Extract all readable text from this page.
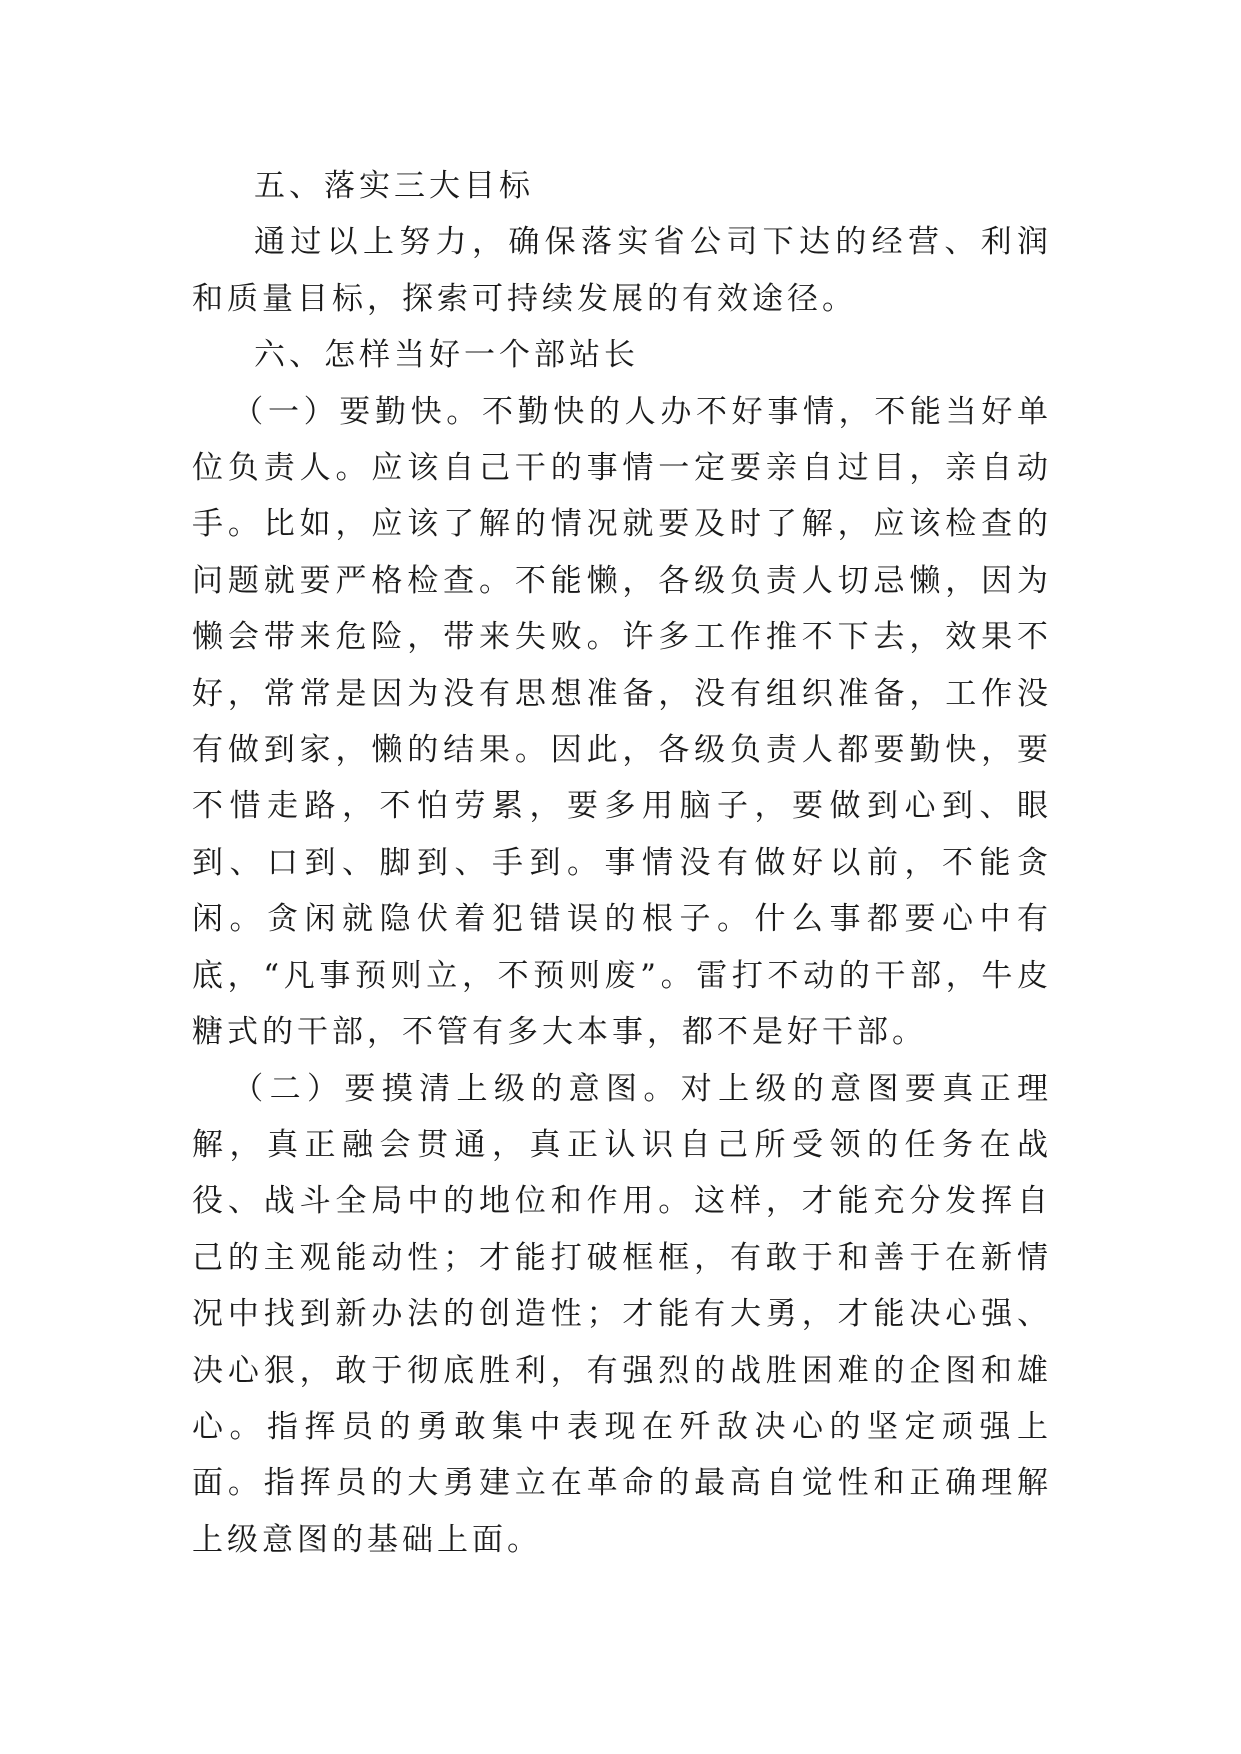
五、落实三大目标

通过以上努力，确保落实省公司下达的经营、利润和质量目标，探索可持续发展的有效途径。

六、怎样当好一个部站长

（一）要勤快。不勤快的人办不好事情，不能当好单位负责人。应该自己干的事情一定要亲自过目，亲自动手。比如，应该了解的情况就要及时了解，应该检查的问题就要严格检查。不能懒，各级负责人切忌懒，因为懒会带来危险，带来失败。许多工作推不下去，效果不好，常常是因为没有思想准备，没有组织准备，工作没有做到家，懒的结果。因此，各级负责人都要勤快，要不惜走路，不怕劳累，要多用脑子，要做到心到、眼到、口到、脚到、手到。事情没有做好以前，不能贪闲。贪闲就隐伏着犯错误的根子。什么事都要心中有底，“凡事预则立，不预则废”。雷打不动的干部，牛皮糖式的干部，不管有多大本事，都不是好干部。

（二）要摸清上级的意图。对上级的意图要真正理解，真正融会贯通，真正认识自己所受领的任务在战役、战斗全局中的地位和作用。这样，才能充分发挥自己的主观能动性；才能打破框框，有敢于和善于在新情况中找到新办法的创造性；才能有大勇，才能决心强、决心狠，敢于彻底胜利，有强烈的战胜困难的企图和雄心。指挥员的勇敢集中表现在歼敌决心的坚定顽强上面。指挥员的大勇建立在革命的最高自觉性和正确理解上级意图的基础上面。
